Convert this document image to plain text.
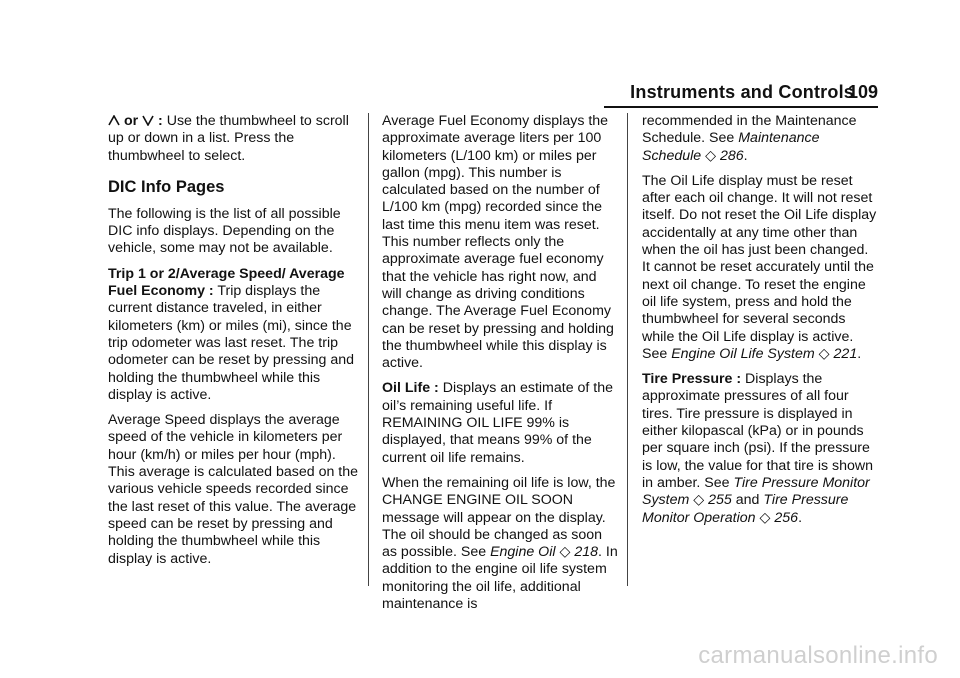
Instruments and Controls
109

or  : Use the thumbwheel to scroll up or down in a list. Press the thumbwheel to select.

DIC Info Pages

The following is the list of all possible DIC info displays. Depending on the vehicle, some may not be available.

Trip 1 or 2/Average Speed/ Average Fuel Economy : Trip displays the current distance traveled, in either kilometers (km) or miles (mi), since the trip odometer was last reset. The trip odometer can be reset by pressing and holding the thumbwheel while this display is active.

Average Speed displays the average speed of the vehicle in kilometers per hour (km/h) or miles per hour (mph). This average is calculated based on the various vehicle speeds recorded since the last reset of this value. The average speed can be reset by pressing and holding the thumbwheel while this display is active.

Average Fuel Economy displays the approximate average liters per 100 kilometers (L/100 km) or miles per gallon (mpg). This number is calculated based on the number of L/100 km (mpg) recorded since the last time this menu item was reset. This number reflects only the approximate average fuel economy that the vehicle has right now, and will change as driving conditions change. The Average Fuel Economy can be reset by pressing and holding the thumbwheel while this display is active.

Oil Life : Displays an estimate of the oil’s remaining useful life. If REMAINING OIL LIFE 99% is displayed, that means 99% of the current oil life remains.

When the remaining oil life is low, the CHANGE ENGINE OIL SOON message will appear on the display. The oil should be changed as soon as possible. See Engine Oil ◇ 218. In addition to the engine oil life system monitoring the oil life, additional maintenance is

recommended in the Maintenance Schedule. See Maintenance Schedule ◇ 286.

The Oil Life display must be reset after each oil change. It will not reset itself. Do not reset the Oil Life display accidentally at any time other than when the oil has just been changed. It cannot be reset accurately until the next oil change. To reset the engine oil life system, press and hold the thumbwheel for several seconds while the Oil Life display is active. See Engine Oil Life System ◇ 221.

Tire Pressure : Displays the approximate pressures of all four tires. Tire pressure is displayed in either kilopascal (kPa) or in pounds per square inch (psi). If the pressure is low, the value for that tire is shown in amber. See Tire Pressure Monitor System ◇ 255 and Tire Pressure Monitor Operation ◇ 256.

carmanualsonline.info
